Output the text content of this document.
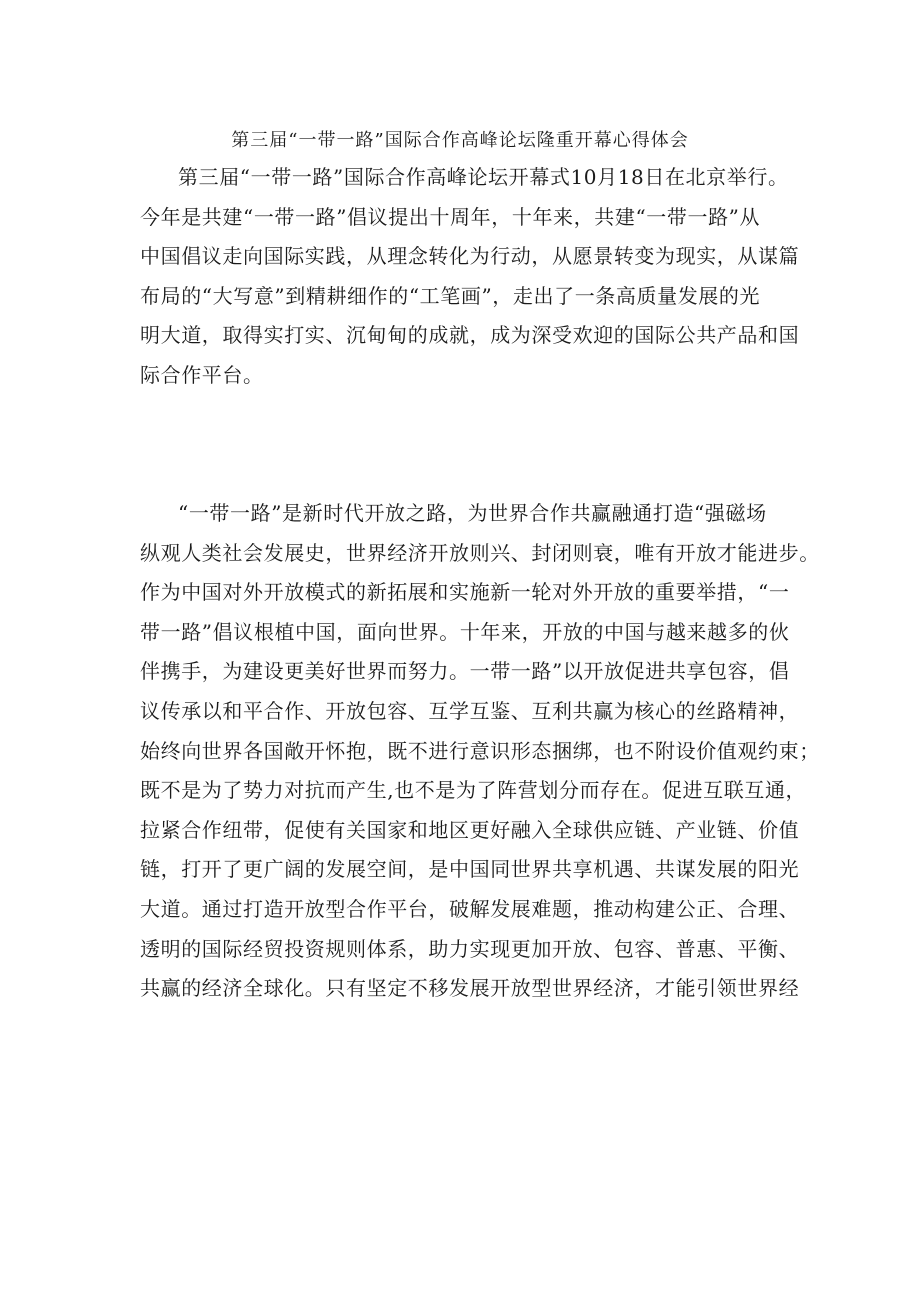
第三届“一带一路”国际合作高峰论坛隆重开幕心得体会
第三届“一带一路”国际合作高峰论坛开幕式10月18日在北京举行。
今年是共建“一带一路”倡议提出十周年，十年来，共建“一带一路”从
中国倡议走向国际实践，从理念转化为行动，从愿景转变为现实，从谋篇
布局的“大写意”到精耕细作的“工笔画”，走出了一条高质量发展的光
明大道，取得实打实、沉甸甸的成就，成为深受欢迎的国际公共产品和国
际合作平台。
“一带一路”是新时代开放之路，为世界合作共赢融通打造“强磁场
纵观人类社会发展史，世界经济开放则兴、封闭则衰，唯有开放才能进步。
作为中国对外开放模式的新拓展和实施新一轮对外开放的重要举措，“一
带一路”倡议根植中国，面向世界。十年来，开放的中国与越来越多的伙
伴携手，为建设更美好世界而努力。一带一路”以开放促进共享包容，倡
议传承以和平合作、开放包容、互学互鉴、互利共赢为核心的丝路精神，
始终向世界各国敞开怀抱，既不进行意识形态捆绑，也不附设价值观约束；
既不是为了势力对抗而产生,也不是为了阵营划分而存在。促进互联互通，
拉紧合作纽带，促使有关国家和地区更好融入全球供应链、产业链、价值
链，打开了更广阔的发展空间，是中国同世界共享机遇、共谋发展的阳光
大道。通过打造开放型合作平台，破解发展难题，推动构建公正、合理、
透明的国际经贸投资规则体系，助力实现更加开放、包容、普惠、平衡、
共赢的经济全球化。只有坚定不移发展开放型世界经济，才能引领世界经
